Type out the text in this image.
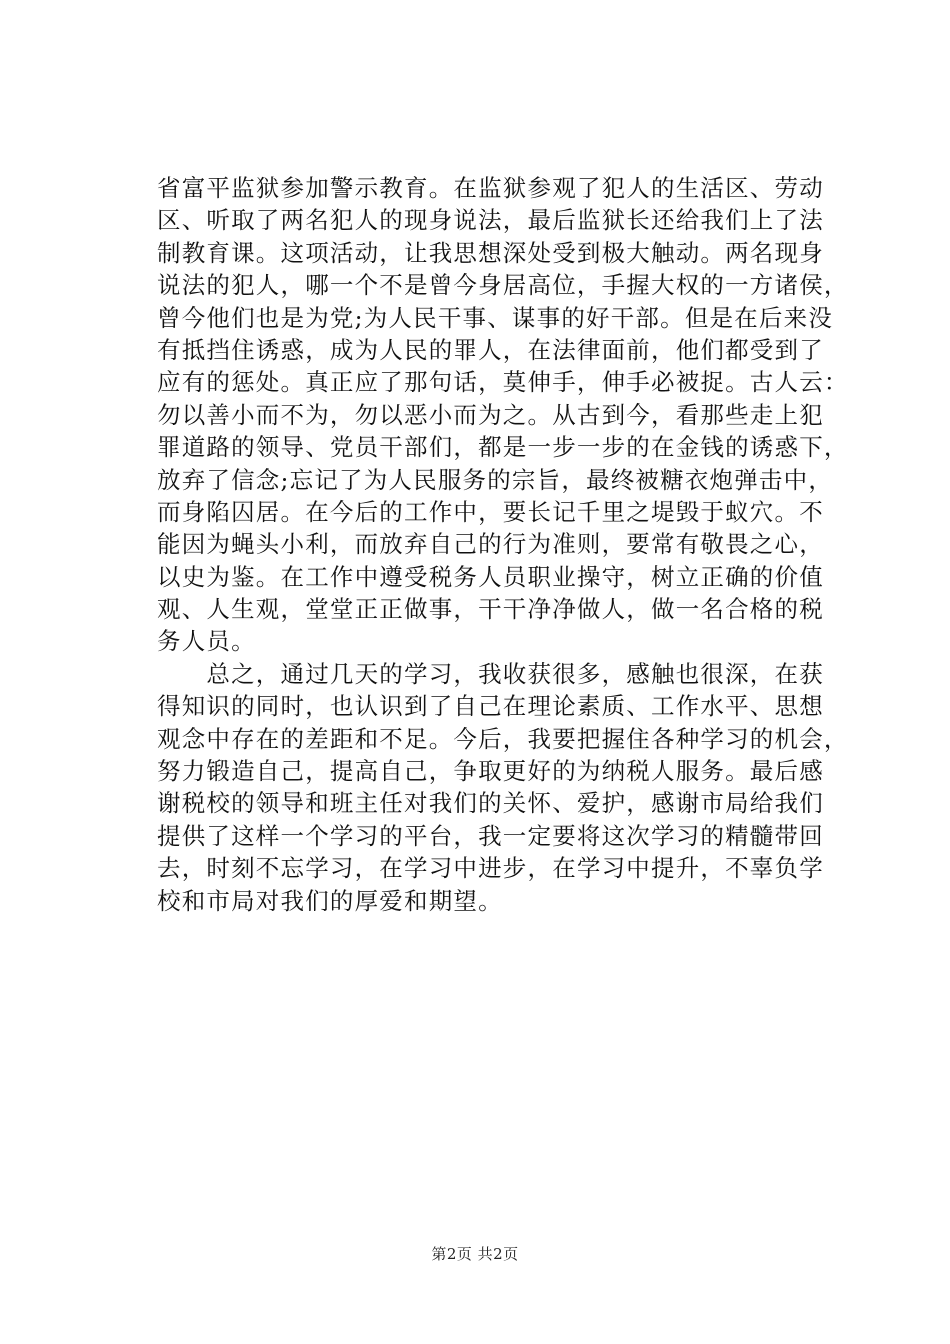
省富平监狱参加警示教育。在监狱参观了犯人的生活区、劳动
区、听取了两名犯人的现身说法，最后监狱长还给我们上了法
制教育课。这项活动，让我思想深处受到极大触动。两名现身
说法的犯人，哪一个不是曾今身居高位，手握大权的一方诸侯，
曾今他们也是为党;为人民干事、谋事的好干部。但是在后来没
有抵挡住诱惑，成为人民的罪人，在法律面前，他们都受到了
应有的惩处。真正应了那句话，莫伸手，伸手必被捉。古人云：
勿以善小而不为，勿以恶小而为之。从古到今，看那些走上犯
罪道路的领导、党员干部们，都是一步一步的在金钱的诱惑下，
放弃了信念;忘记了为人民服务的宗旨，最终被糖衣炮弹击中，
而身陷囚居。在今后的工作中，要长记千里之堤毁于蚁穴。不
能因为蝇头小利，而放弃自己的行为准则，要常有敬畏之心，
以史为鉴。在工作中遵受税务人员职业操守，树立正确的价值
观、人生观，堂堂正正做事，干干净净做人，做一名合格的税
务人员。
　　总之，通过几天的学习，我收获很多，感触也很深，在获
得知识的同时，也认识到了自己在理论素质、工作水平、思想
观念中存在的差距和不足。今后，我要把握住各种学习的机会，
努力锻造自己，提高自己，争取更好的为纳税人服务。最后感
谢税校的领导和班主任对我们的关怀、爱护，感谢市局给我们
提供了这样一个学习的平台，我一定要将这次学习的精髓带回
去，时刻不忘学习，在学习中进步，在学习中提升，不辜负学
校和市局对我们的厚爱和期望。
第2页 共2页
